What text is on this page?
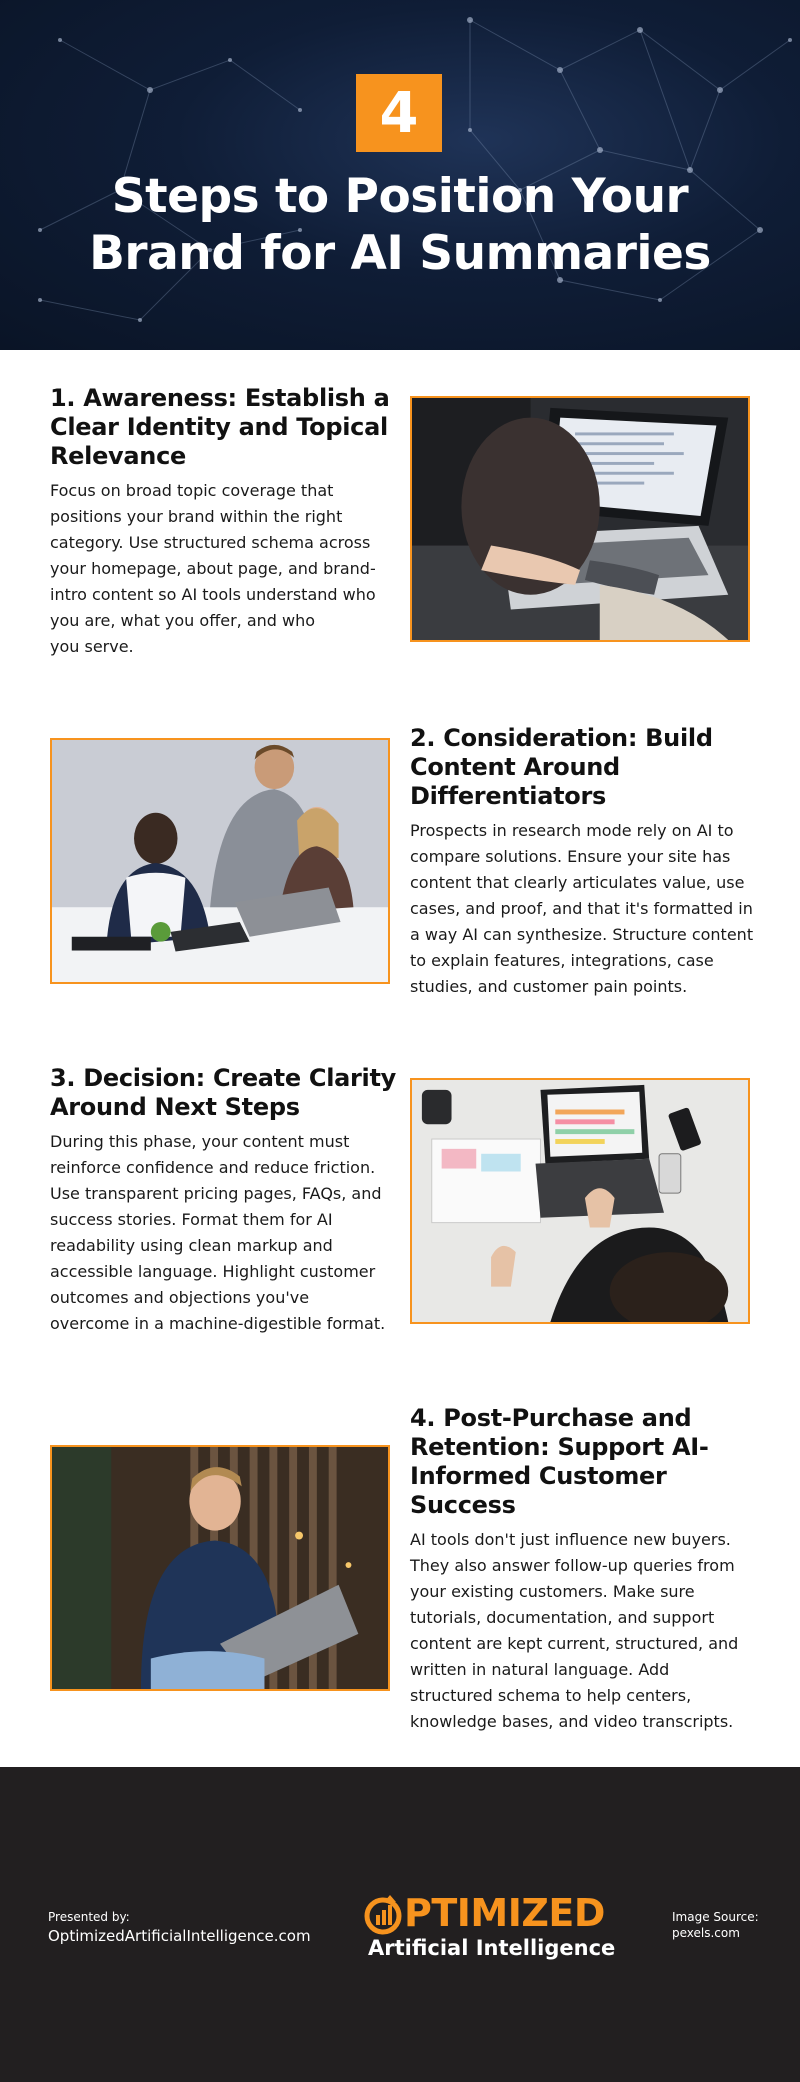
4
Steps to Position Your
Brand for AI Summaries
1. Awareness: Establish a
Clear Identity and Topical
Relevance
Focus on broad topic coverage that
positions your brand within the right
category. Use structured schema across
your homepage, about page, and brand-
intro content so AI tools understand who
you are, what you offer, and who
you serve.
2. Consideration: Build
Content Around
Differentiators
Prospects in research mode rely on AI to
compare solutions. Ensure your site has
content that clearly articulates value, use
cases, and proof, and that it's formatted in
a way AI can synthesize. Structure content
to explain features, integrations, case
studies, and customer pain points.
3. Decision: Create Clarity
Around Next Steps
During this phase, your content must
reinforce confidence and reduce friction.
Use transparent pricing pages, FAQs, and
success stories. Format them for AI
readability using clean markup and
accessible language. Highlight customer
outcomes and objections you've
overcome in a machine-digestible format.
4. Post-Purchase and
Retention: Support AI-
Informed Customer
Success
AI tools don't just influence new buyers.
They also answer follow-up queries from
your existing customers. Make sure
tutorials, documentation, and support
content are kept current, structured, and
written in natural language. Add
structured schema to help centers,
knowledge bases, and video transcripts.
Presented by:
OptimizedArtificialIntelligence.com
PTIMIZED
Artificial Intelligence
Image Source:
pexels.com
